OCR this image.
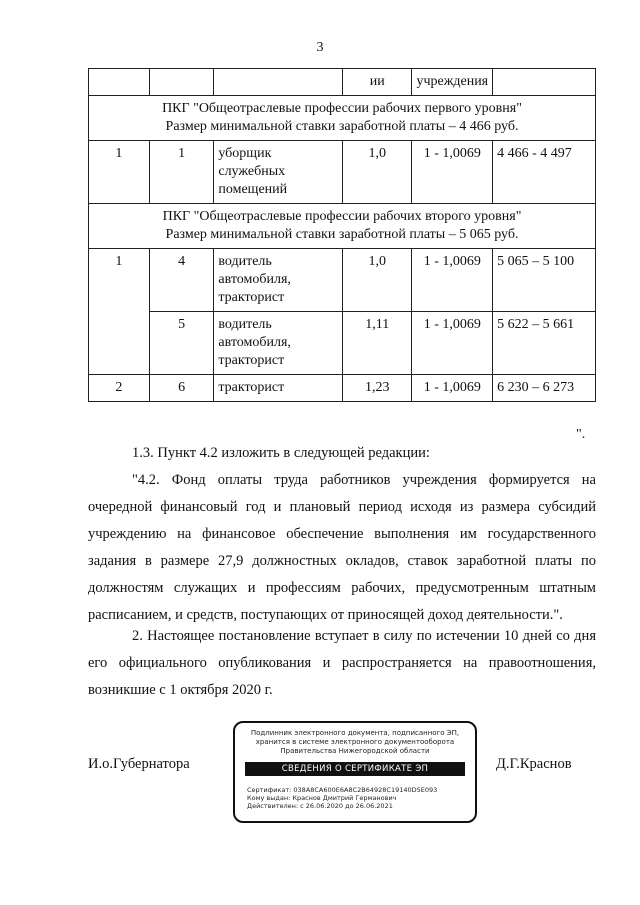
3
			ии	учреждения	

ПКГ "Общеотраслевые профессии рабочих первого уровня"
Размер минимальной ставки заработной платы – 4 466 руб.					

1	1	уборщик служебных помещений	1,0	1 - 1,0069	4 466 - 4 497

ПКГ "Общеотраслевые профессии рабочих второго уровня"
Размер минимальной ставки заработной платы – 5 065 руб.					

1	4	водитель автомобиля, тракторист	1,0	1 - 1,0069	5 065 – 5 100
	5	водитель автомобиля, тракторист	1,11	1 - 1,0069	5 622 – 5 661
2	6	тракторист	1,23	1 - 1,0069	6 230 – 6 273
".
1.3. Пункт 4.2 изложить в следующей редакции:
"4.2. Фонд оплаты труда работников учреждения формируется на очередной финансовый год и плановый период исходя из размера субсидий учреждению на финансовое обеспечение выполнения им государственного задания в размере 27,9 должностных окладов, ставок заработной платы по должностям служащих и профессиям рабочих, предусмотренным штатным расписанием, и средств, поступающих от приносящей доход деятельности.".
2. Настоящее постановление вступает в силу по истечении 10 дней со дня его официального опубликования и распространяется на правоотношения, возникшие с 1 октября 2020 г.
И.о.Губернатора
Подлинник электронного документа, подписанного ЭП, хранится в системе электронного документооборота Правительства Нижегородской области
СВЕДЕНИЯ О СЕРТИФИКАТЕ ЭП
Сертификат: 038A8CA600E6A8C2B64928C19140D5E093
Кому выдан: Краснов Дмитрий Германович
Действителен: с 26.06.2020 до 26.06.2021
Д.Г.Краснов
